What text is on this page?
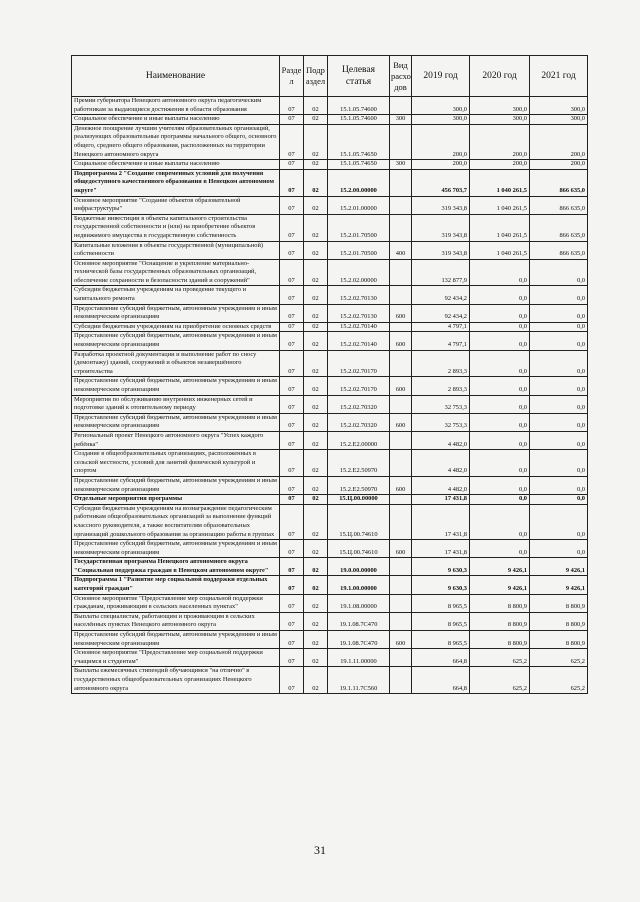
Наименование	Разде л	Подр аздел	Целевая статья	Вид расхо дов	2019 год	2020 год	2021 год
Премии губернатора Ненецкого автономного округа педагогическим работникам за выдающиеся достижения в области образования	07	02	15.1.05.74600		300,0	300,0	300,0
Социальное обеспечение и иные выплаты населению	07	02	15.1.05.74600	300	300,0	300,0	300,0
Денежное поощрение лучшим учителям образовательных организаций, реализующих образовательные программы начального общего, основного общего, среднего общего образования, расположенных на территории Ненецкого автономного округа	07	02	15.1.05.74650		200,0	200,0	200,0
Социальное обеспечение и иные выплаты населению	07	02	15.1.05.74650	300	200,0	200,0	200,0
Подпрограмма 2 "Создание современных условий для получения общедоступного качественного образования в Ненецком автономном округе"	07	02	15.2.00.00000		456 703,7	1 040 261,5	866 635,0
Основное мероприятие "Создание объектов образовательной инфраструктуры"	07	02	15.2.01.00000		319 343,8	1 040 261,5	866 635,0
Бюджетные инвестиции в объекты капитального строительства государственной собственности и (или) на приобретение объектов недвижимого имущества в государственную собственность	07	02	15.2.01.70500		319 343,8	1 040 261,5	866 635,0
Капитальные вложения в объекты государственной (муниципальной) собственности	07	02	15.2.01.70500	400	319 343,8	1 040 261,5	866 635,0
Основное мероприятие "Оснащение и укрепление материально-технической базы государственных образовательных организаций, обеспечение сохранности и безопасности зданий и сооружений"	07	02	15.2.02.00000		132 877,9	0,0	0,0
Субсидии бюджетным учреждениям на проведение текущего и капитального ремонта	07	02	15.2.02.70130		92 434,2	0,0	0,0
Предоставление субсидий бюджетным, автономным учреждениям и иным некоммерческим организациям	07	02	15.2.02.70130	600	92 434,2	0,0	0,0
Субсидии бюджетным учреждениям на приобретение основных средств	07	02	15.2.02.70140		4 797,1	0,0	0,0
Предоставление субсидий бюджетным, автономным учреждениям и иным некоммерческим организациям	07	02	15.2.02.70140	600	4 797,1	0,0	0,0
Разработка проектной документации и выполнение работ по сносу (демонтажу) зданий, сооружений и объектов незавершённого строительства	07	02	15.2.02.70170		2 893,3	0,0	0,0
Предоставление субсидий бюджетным, автономным учреждениям и иным некоммерческим организациям	07	02	15.2.02.70170	600	2 893,3	0,0	0,0
Мероприятия по обслуживанию внутренних инженерных сетей и подготовке зданий к отопительному периоду	07	02	15.2.02.70320		32 753,3	0,0	0,0
Предоставление субсидий бюджетным, автономным учреждениям и иным некоммерческим организациям	07	02	15.2.02.70320	600	32 753,3	0,0	0,0
Региональный проект Ненецкого автономного округа "Успех каждого ребёнка"	07	02	15.2.E2.00000		4 482,0	0,0	0,0
Создание в общеобразовательных организациях, расположенных в сельской местности, условий для занятий физической культурой и спортом	07	02	15.2.E2.50970		4 482,0	0,0	0,0
Предоставление субсидий бюджетным, автономным учреждениям и иным некоммерческим организациям	07	02	15.2.E2.50970	600	4 482,0	0,0	0,0
Отдельные мероприятия программы	07	02	15.Ц.00.00000		17 431,8	0,0	0,0
Субсидии бюджетным учреждениям на вознаграждение педагогическим работникам общеобразовательных организаций за выполнение функций классного руководителя, а также воспитателям образовательных организаций дошкольного образования за организацию работы в группах	07	02	15.Ц.00.74610		17 431,8	0,0	0,0
Предоставление субсидий бюджетным, автономным учреждениям и иным некоммерческим организациям	07	02	15.Ц.00.74610	600	17 431,8	0,0	0,0
Государственная программа Ненецкого автономного округа "Социальная поддержка граждан в Ненецком автономном округе"	07	02	19.0.00.00000		9 630,3	9 426,1	9 426,1
Подпрограмма 1 "Развитие мер социальной поддержки отдельных категорий граждан"	07	02	19.1.00.00000		9 630,3	9 426,1	9 426,1
Основное мероприятие "Предоставление мер социальной поддержки гражданам, проживающим в сельских населенных пунктах"	07	02	19.1.08.00000		8 965,5	8 800,9	8 800,9
Выплаты специалистам, работающим и проживающим в сельских населённых пунктах Ненецкого автономного округа	07	02	19.1.08.7С470		8 965,5	8 800,9	8 800,9
Предоставление субсидий бюджетным, автономным учреждениям и иным некоммерческим организациям	07	02	19.1.08.7С470	600	8 965,5	8 800,9	8 800,9
Основное мероприятие "Предоставление мер социальной поддержки учащимся и студентам"	07	02	19.1.11.00000		664,8	625,2	625,2
Выплаты ежемесячных стипендий обучающимся "на отлично" в государственных общеобразовательных организациях Ненецкого автономного округа	07	02	19.1.11.7С560		664,8	625,2	625,2
31
